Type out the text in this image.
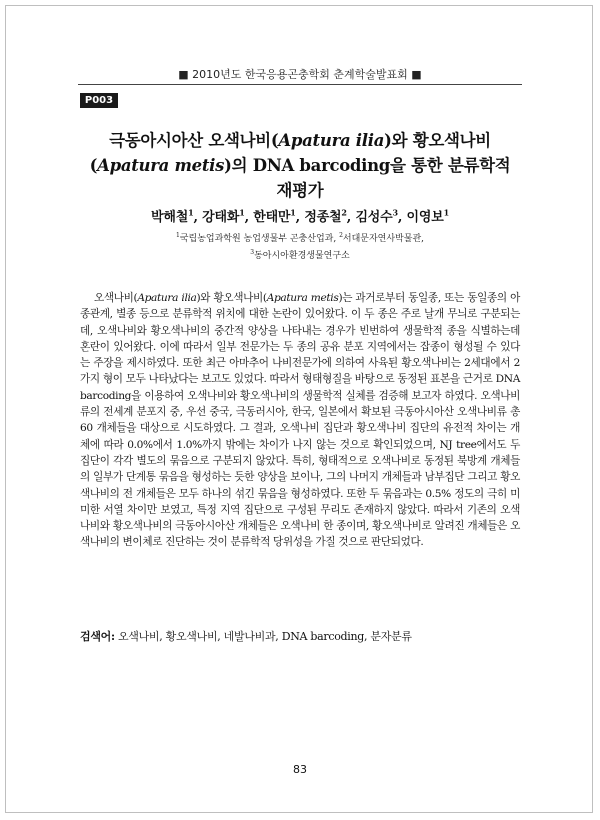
■ 2010년도 한국응용곤충학회 춘계학술발표회 ■
P003
극동아시아산 오색나비(Apatura ilia)와 황오색나비(Apatura metis)의 DNA barcoding을 통한 분류학적 재평가
박해철$^1$, 강태화$^1$, 한태만$^1$, 정종철$^2$, 김성수$^3$, 이영보$^1$
$^1$국립농업과학원 농업생물부 곤충산업과, $^2$서대문자연사박물관,
$^3$동아시아환경생물연구소

오색나비(Apatura ilia)와 황오색나비(Apatura metis)는 과거로부터 동일종, 또는 동일종의 아종관계, 별종 등으로 분류학적 위치에 대한 논란이 있어왔다. 이 두 종은 주로 날개 무늬로 구분되는데, 오색나비와 황오색나비의 중간적 양상을 나타내는 경우가 빈번하여 생물학적 종을 식별하는데 혼란이 있어왔다. 이에 따라서 일부 전문가는 두 종의 공유 분포 지역에서는 잡종이 형성될 수 있다는 주장을 제시하였다. 또한 최근 아마추어 나비전문가에 의하여 사육된 황오색나비는 2세대에서 2가지 형이 모두 나타났다는 보고도 있었다. 따라서 형태형질을 바탕으로 동정된 표본을 근거로 DNA barcoding을 이용하여 오색나비와 황오색나비의 생물학적 실체를 검증해 보고자 하였다. 오색나비류의 전세계 분포지 중, 우선 중국, 극동러시아, 한국, 일본에서 확보된 극동아시아산 오색나비류 총 60 개체들을 대상으로 시도하였다. 그 결과, 오색나비 집단과 황오색나비 집단의 유전적 차이는 개체에 따라 0.0%에서 1.0%까지 밖에는 차이가 나지 않는 것으로 확인되었으며, NJ tree에서도 두 집단이 각각 별도의 묶음으로 구분되지 않았다. 특히, 형태적으로 오색나비로 동정된 북방계 개체들의 일부가 단계통 묶음을 형성하는 듯한 양상을 보이나, 그의 나머지 개체들과 남부집단 그리고 황오색나비의 전 개체들은 모두 하나의 섞긴 묶음을 형성하였다. 또한 두 묶음과는 0.5% 정도의 극히 미미한 서열 차이만 보였고, 특정 지역 집단으로 구성된 무리도 존재하지 않았다. 따라서 기존의 오색나비와 황오색나비의 극동아시아산 개체들은 오색나비 한 종이며, 황오색나비로 알려진 개체들은 오색나비의 변이체로 진단하는 것이 분류학적 당위성을 가질 것으로 판단되었다.

검색어: 오색나비, 황오색나비, 네발나비과, DNA barcoding, 분자분류
83
